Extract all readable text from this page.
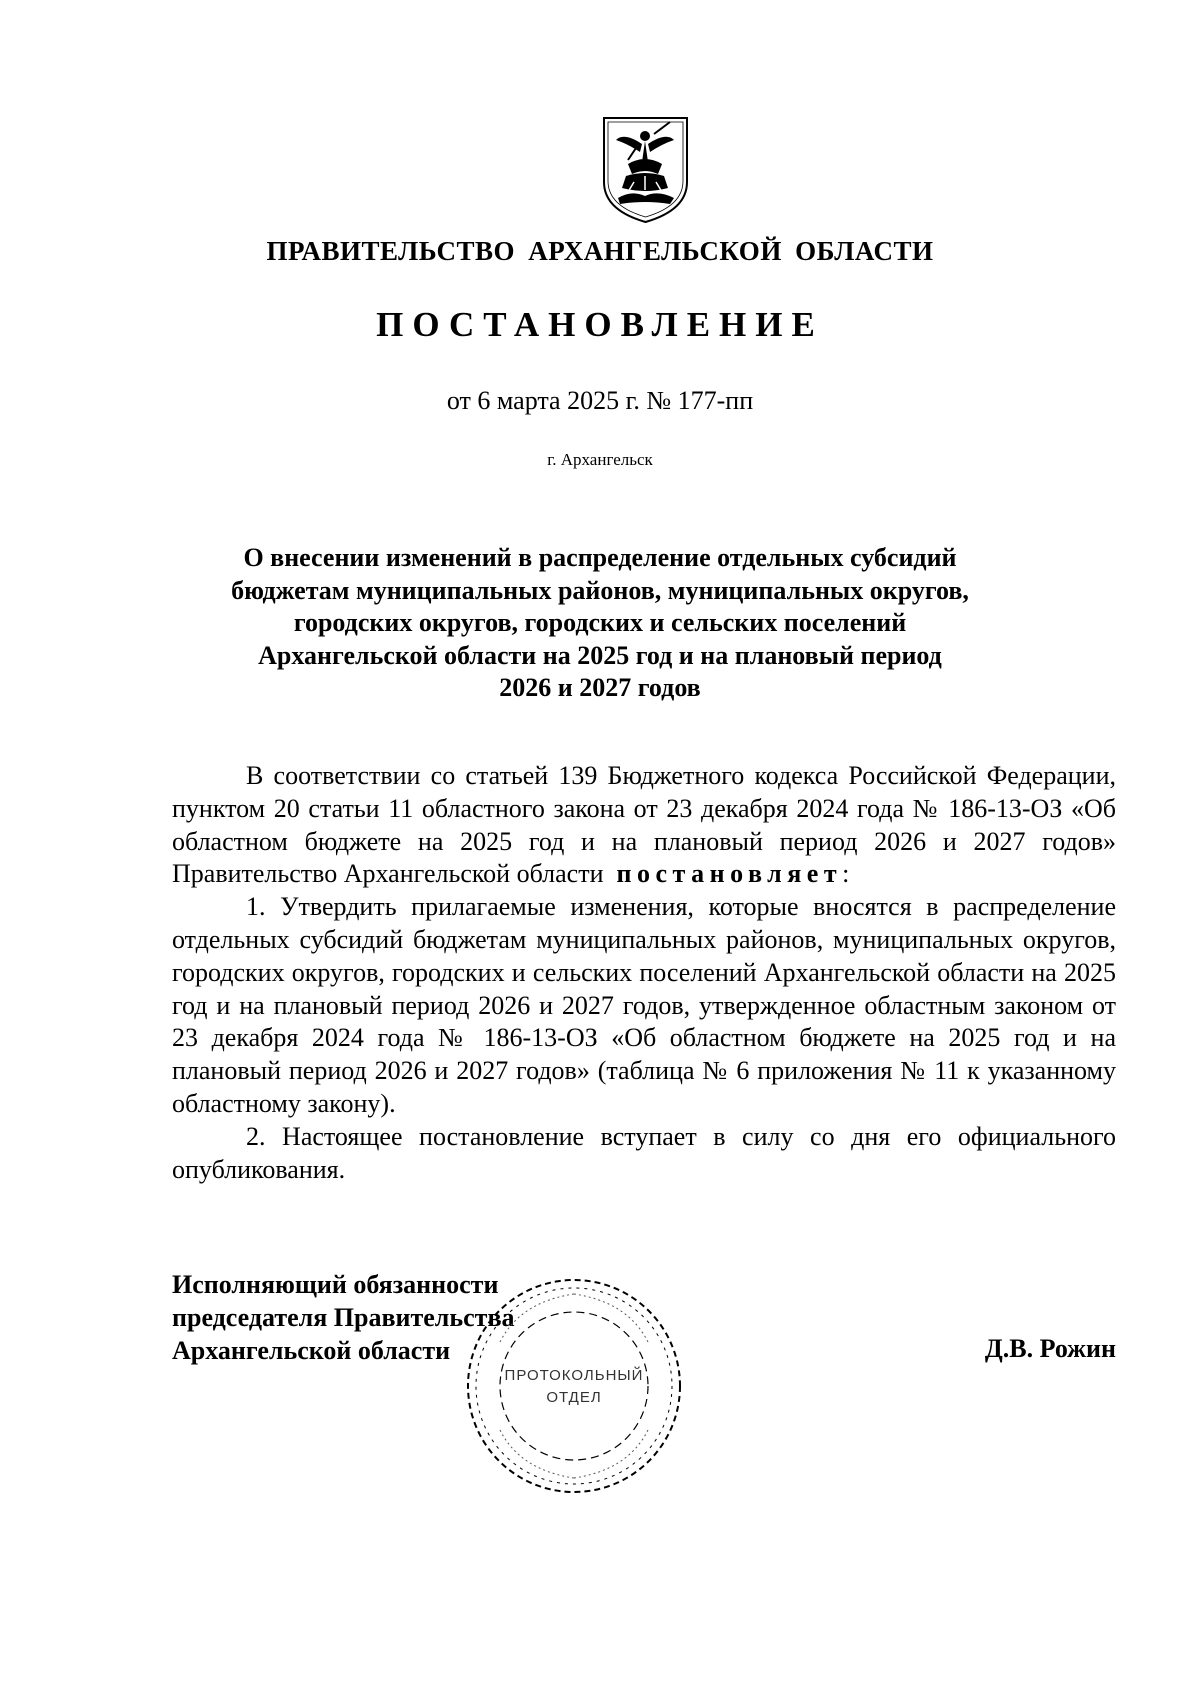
ПРАВИТЕЛЬСТВО АРХАНГЕЛЬСКОЙ ОБЛАСТИ
ПОСТАНОВЛЕНИЕ
от 6 марта 2025 г. № 177-пп
г. Архангельск
О внесении изменений в распределение отдельных субсидий
бюджетам муниципальных районов, муниципальных округов,
городских округов, городских и сельских поселений
Архангельской области на 2025 год и на плановый период
2026 и 2027 годов

В соответствии со статьей 139 Бюджетного кодекса Российской Федерации, пунктом 20 статьи 11 областного закона от 23 декабря 2024 года № 186-13-ОЗ «Об областном бюджете на 2025 год и на плановый период 2026 и 2027 годов» Правительство Архангельской области постановляет:

1. Утвердить прилагаемые изменения, которые вносятся в распределение отдельных субсидий бюджетам муниципальных районов, муниципальных округов, городских округов, городских и сельских поселений Архангельской области на 2025 год и на плановый период 2026 и 2027 годов, утвержденное областным законом от 23 декабря 2024 года № 186-13-ОЗ «Об областном бюджете на 2025 год и на плановый период 2026 и 2027 годов» (таблица № 6 приложения № 11 к указанному областному закону).

2. Настоящее постановление вступает в силу со дня его официального опубликования.

Исполняющий обязанности
председателя Правительства
Архангельской области	Д.В. Рожин
ПРОТОКОЛЬНЫЙ
ОТДЕЛ
